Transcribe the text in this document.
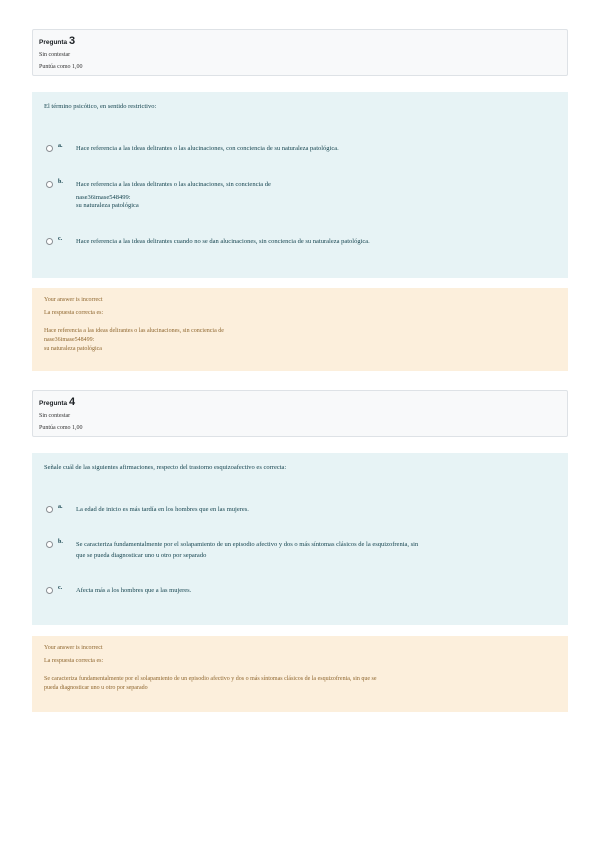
Pregunta 3
Sin contestar
Puntúa como 1,00
El término psicótico, en sentido restrictivo:
a. Hace referencia a las ideas delirantes o las alucinaciones, con conciencia de su naturaleza patológica.
b. Hace referencia a las ideas delirantes o las alucinaciones, sin conciencia de
nase36imase548499:
su naturaleza patológica
c. Hace referencia a las ideas delirantes cuando no se dan alucinaciones, sin conciencia de su naturaleza patológica.
Your answer is incorrect
La respuesta correcta es:
Hace referencia a las ideas delirantes o las alucinaciones, sin conciencia de
nase36imase548499:
su naturaleza patológica
Pregunta 4
Sin contestar
Puntúa como 1,00
Señale cuál de las siguientes afirmaciones, respecto del trastorno esquizoafectivo es correcta:
a. La edad de inicio es más tardía en los hombres que en las mujeres.
b. Se caracteriza fundamentalmente por el solapamiento de un episodio afectivo y dos o más síntomas clásicos de la esquizofrenia, sin
que se pueda diagnosticar uno u otro por separado
c. Afecta más a los hombres que a las mujeres.
Your answer is incorrect
La respuesta correcta es:
Se caracteriza fundamentalmente por el solapamiento de un episodio afectivo y dos o más síntomas clásicos de la esquizofrenia, sin que se
pueda diagnosticar uno u otro por separado
